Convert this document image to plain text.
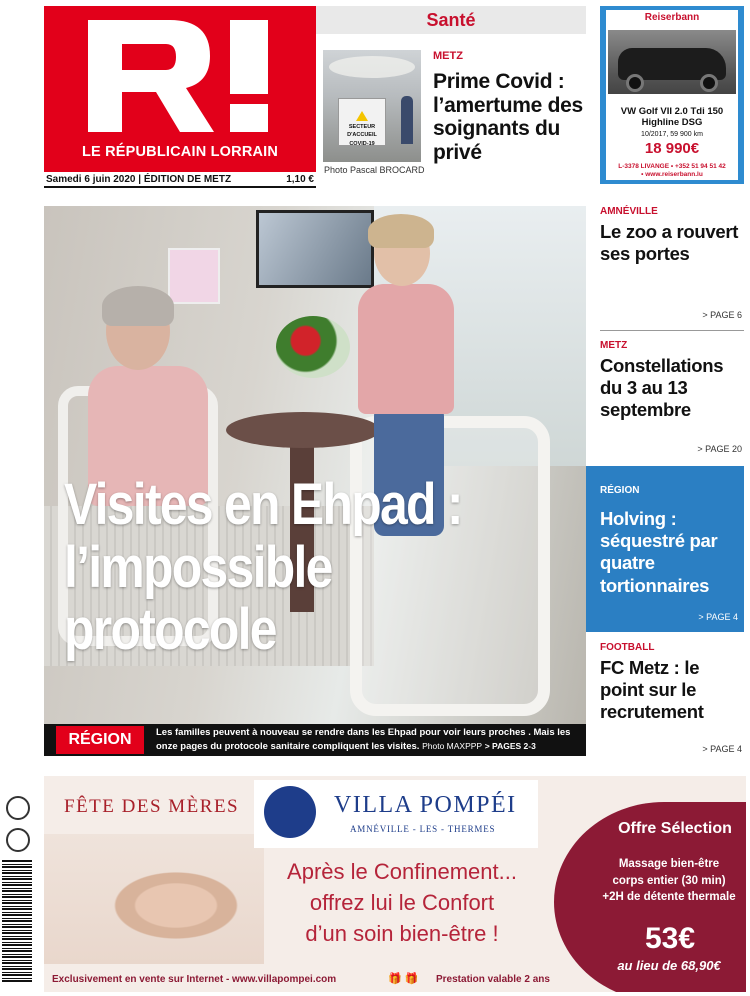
LE RÉPUBLICAIN LORRAIN
Samedi 6 juin 2020 | ÉDITION DE METZ	1,10 €
Santé
SECTEUR D'ACCUEIL COVID-19
Photo Pascal BROCARD
METZ
Prime Covid : l’amertume des soignants du privé
Reiserbann
VW Golf VII 2.0 Tdi 150 Highline DSG
10/2017, 59 900 km
18 990€
L-3378 LIVANGE • +352 51 94 51 42
• www.reiserbann.lu
Visites en Ehpad : l’impossible protocole
RÉGION	Les familles peuvent à nouveau se rendre dans les Ehpad pour voir leurs proches . Mais les onze pages du protocole sanitaire compliquent les visites. Photo MAXPPP > PAGES 2-3
AMNÉVILLE
Le zoo a rouvert ses portes
> PAGE 6
METZ
Constellations du 3 au 13 septembre
> PAGE 20
RÉGION
Holving : séquestré par quatre tortionnaires
> PAGE 4
FOOTBALL
FC Metz : le point sur le recrutement
> PAGE 4
FÊTE DES MÈRES	VILLA POMPÉI
AMNÉVILLE - LES - THERMES
Après le Confinement...
offrez lui le Confort
d’un soin bien-être !
Offre Sélection
Massage bien-être
corps entier (30 min)
+2H de détente thermale
53€
au lieu de 68,90€
Exclusivement en vente sur Internet - www.villapompei.com	🎁 🎁 Prestation valable 2 ans
